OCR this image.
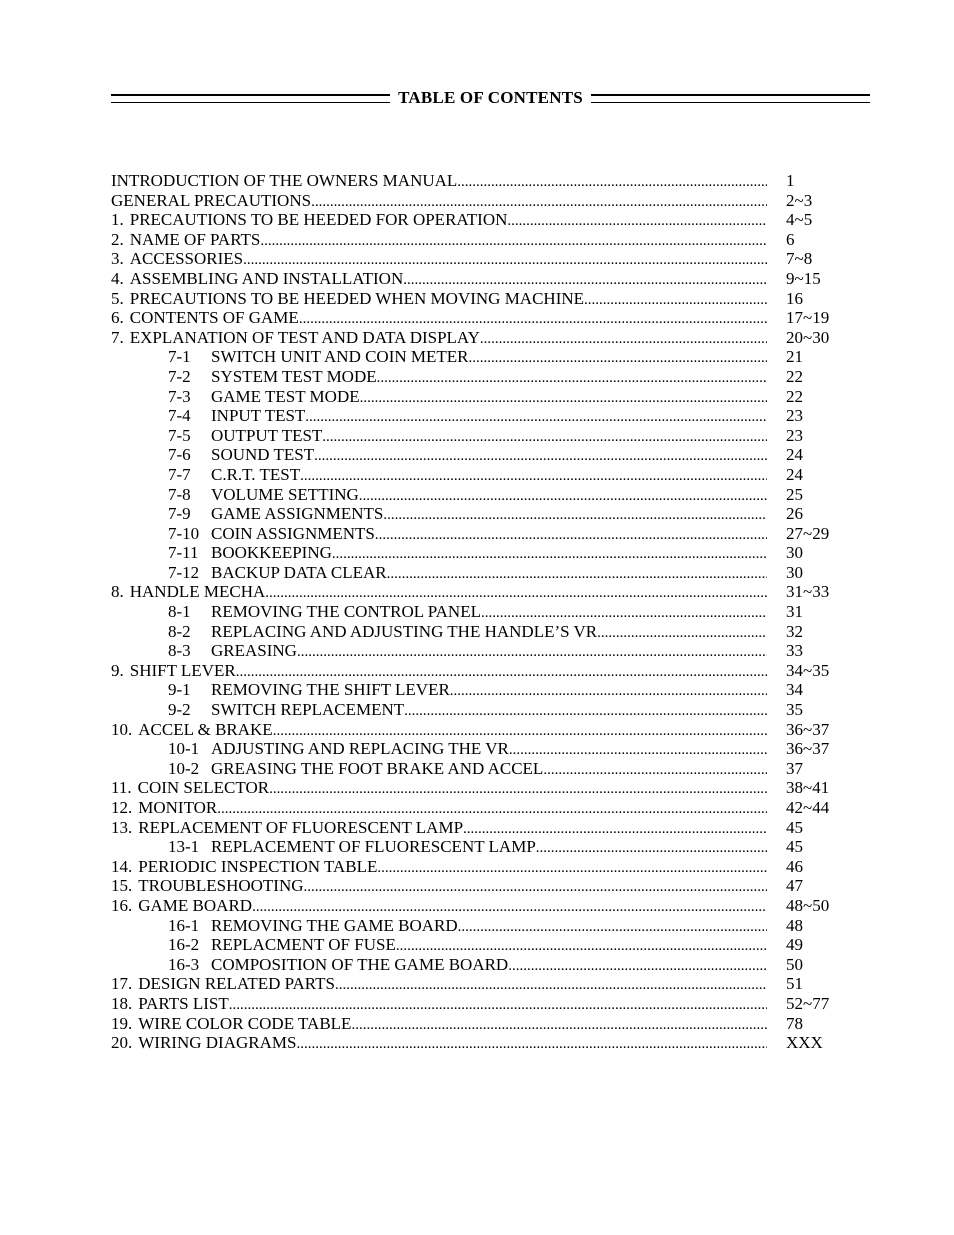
TABLE OF CONTENTS
INTRODUCTION OF THE OWNERS MANUAL .....	1
GENERAL PRECAUTIONS .....	2~3
1. PRECAUTIONS TO BE HEEDED FOR OPERATION .....	4~5
2. NAME OF PARTS .....	6
3. ACCESSORIES .....	7~8
4. ASSEMBLING AND INSTALLATION .....	9~15
5. PRECAUTIONS TO BE HEEDED WHEN MOVING MACHINE .....	16
6. CONTENTS OF GAME .....	17~19
7. EXPLANATION OF TEST AND DATA DISPLAY .....	20~30
7-1	SWITCH UNIT AND COIN METER .....	21
7-2	SYSTEM TEST MODE .....	22
7-3	GAME TEST MODE .....	22
7-4	INPUT TEST .....	23
7-5	OUTPUT TEST .....	23
7-6	SOUND TEST .....	24
7-7	C.R.T. TEST .....	24
7-8	VOLUME SETTING .....	25
7-9	GAME ASSIGNMENTS .....	26
7-10 COIN ASSIGNMENTS .....	27~29
7-11 BOOKKEEPING .....	30
7-12 BACKUP DATA CLEAR .....	30
8. HANDLE MECHA .....	31~33
8-1	REMOVING THE CONTROL PANEL .....	31
8-2	REPLACING AND ADJUSTING THE HANDLE’S VR .....	32
8-3	GREASING .....	33
9. SHIFT LEVER .....	34~35
9-1	REMOVING THE SHIFT LEVER .....	34
9-2	SWITCH REPLACEMENT .....	35
10. ACCEL & BRAKE .....	36~37
10-1 ADJUSTING AND REPLACING THE VR .....	36~37
10-2 GREASING THE FOOT BRAKE AND ACCEL .....	37
11. COIN SELECTOR .....	38~41
12. MONITOR .....	42~44
13. REPLACEMENT OF FLUORESCENT LAMP .....	45
13-1 REPLACEMENT OF FLUORESCENT LAMP .....	45
14. PERIODIC INSPECTION TABLE .....	46
15. TROUBLESHOOTING .....	47
16. GAME BOARD .....	48~50
16-1 REMOVING THE GAME BOARD .....	48
16-2 REPLACMENT OF FUSE .....	49
16-3 COMPOSITION OF THE GAME BOARD .....	50
17. DESIGN RELATED PARTS .....	51
18. PARTS LIST .....	52~77
19. WIRE COLOR CODE TABLE .....	78
20. WIRING DIAGRAMS .....	XXX
